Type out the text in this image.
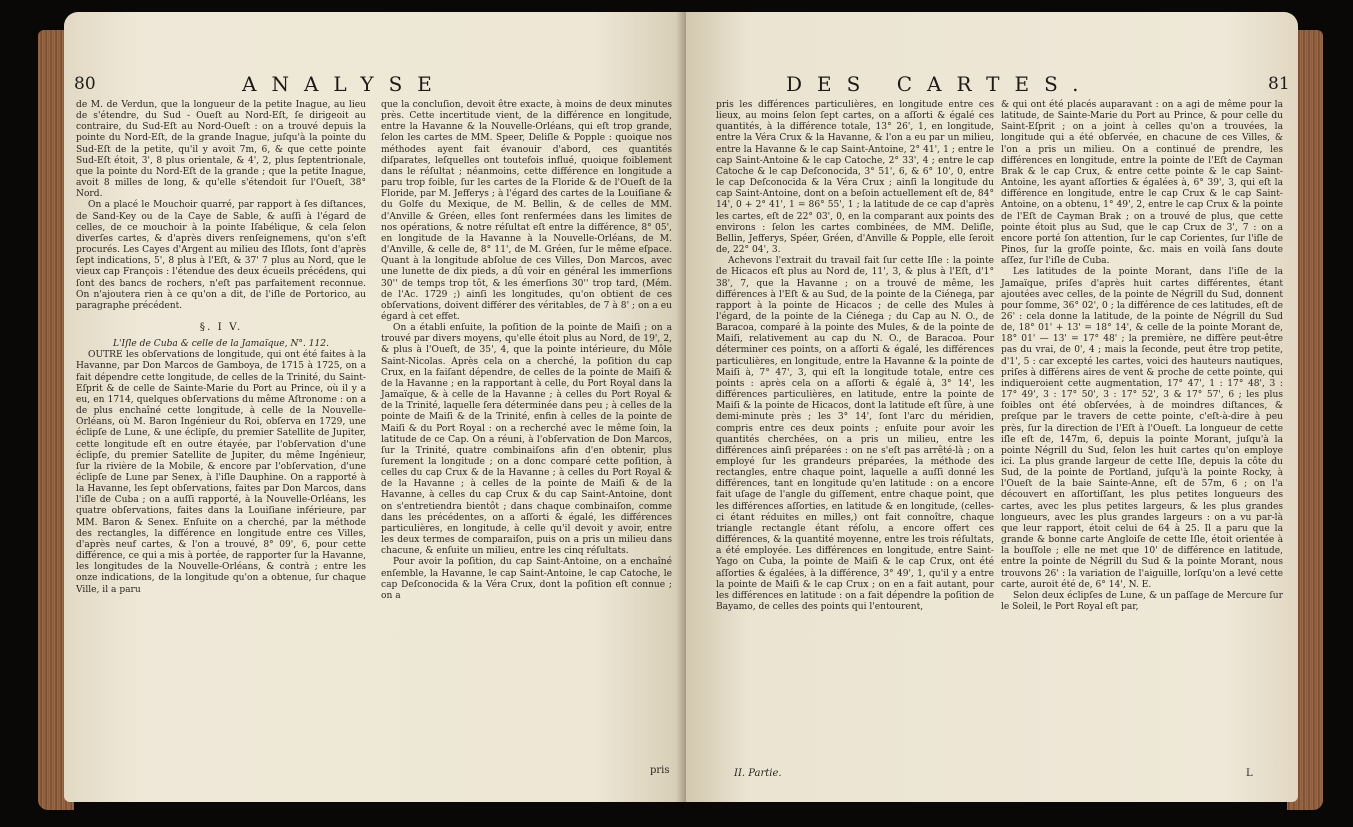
80	ANALYSE

de M. de Verdun, que la longueur de la petite Inague, au lieu de s'étendre, du Sud - Oueſt au Nord-Eſt, ſe dirigeoit au contraire, du Sud-Eſt au Nord-Oueſt : on a trouvé depuis la pointe du Nord-Eſt, de la grande Inague, juſqu'à la pointe du Sud-Eſt de la petite, qu'il y avoit 7m, 6, & que cette pointe Sud-Eſt étoit, 3', 8 plus orientale, & 4', 2, plus ſeptentrionale, que la pointe du Nord-Eſt de la grande ; que la petite Inague, avoit 8 milles de long, & qu'elle s'étendoit ſur l'Oueſt, 38° Nord.

On a placé le Mouchoir quarré, par rapport à ſes diſtances, de Sand-Key ou de la Caye de Sable, & auſſi à l'égard de celles, de ce mouchoir à la pointe Iſabélique, & cela ſelon diverſes cartes, & d'après divers renſeignemens, qu'on s'eſt procurés. Les Cayes d'Argent au milieu des Iſlots, ſont d'après ſept indications, 5', 8 plus à l'Eſt, & 37' 7 plus au Nord, que le vieux cap François : l'étendue des deux écueils précédens, qui ſont des bancs de rochers, n'eſt pas parfaitement reconnue. On n'ajoutera rien à ce qu'on a dit, de l'iſle de Portorico, au paragraphe précédent.

§. I V.

L'Iſle de Cuba & celle de la Jamaïque, N°. 112.

OUTRE les obſervations de longitude, qui ont été faites à la Havanne, par Don Marcos de Gamboya, de 1715 à 1725, on a fait dépendre cette longitude, de celles de la Trinité, du Saint-Eſprit & de celle de Sainte-Marie du Port au Prince, où il y a eu, en 1714, quelques obſervations du même Aſtronome : on a de plus enchaîné cette longitude, à celle de la Nouvelle-Orléans, où M. Baron Ingénieur du Roi, obſerva en 1729, une éclipſe de Lune, & une éclipſe, du premier Satellite de Jupiter, cette longitude eſt en outre étayée, par l'obſervation d'une éclipſe, du premier Satellite de Jupiter, du même Ingénieur, ſur la rivière de la Mobile, & encore par l'obſervation, d'une éclipſe de Lune par Senex, à l'iſle Dauphine. On a rapporté à la Havanne, les ſept obſervations, faites par Don Marcos, dans l'iſle de Cuba ; on a auſſi rapporté, à la Nouvelle-Orléans, les quatre obſervations, faites dans la Louiſiane inférieure, par MM. Baron & Senex. Enſuite on a cherché, par la méthode des rectangles, la différence en longitude entre ces Villes, d'après neuf cartes, & l'on a trouvé, 8° 09', 6, pour cette différence, ce qui a mis à portée, de rapporter ſur la Havanne, les longitudes de la Nouvelle-Orléans, & contrà ; entre les onze indications, de la longitude qu'on a obtenue, ſur chaque Ville, il a paru

que la concluſion, devoit être exacte, à moins de deux minutes près. Cette incertitude vient, de la différence en longitude, entre la Havanne & la Nouvelle-Orléans, qui eſt trop grande, ſelon les cartes de MM. Speer, Deliſle & Popple : quoique nos méthodes ayent fait évanouir d'abord, ces quantités diſparates, leſquelles ont toutefois influé, quoique foiblement dans le réſultat ; néanmoins, cette différence en longitude a paru trop foible, ſur les cartes de la Floride & de l'Oueſt de la Floride, par M. Jefferys ; à l'égard des cartes de la Louiſiane & du Golfe du Mexique, de M. Bellin, & de celles de MM. d'Anville & Gréen, elles ſont renfermées dans les limites de nos opérations, & notre réſultat eſt entre la différence, 8° 05', en longitude de la Havanne à la Nouvelle-Orléans, de M. d'Anville, & celle de, 8° 11', de M. Gréen, ſur le même eſpace. Quant à la longitude abſolue de ces Villes, Don Marcos, avec une lunette de dix pieds, a dû voir en général les immerſions 30'' de temps trop tôt, & les émerſions 30'' trop tard, (Mém. de l'Ac. 1729 ;) ainſi les longitudes, qu'on obtient de ces obſervations, doivent différer des véritables, de 7 à 8' ; on a eu égard à cet effet.

On a établi enſuite, la poſition de la pointe de Maiſi ; on a trouvé par divers moyens, qu'elle étoit plus au Nord, de 19', 2, & plus à l'Oueſt, de 35', 4, que la pointe intérieure, du Môle Saint-Nicolas. Après cela on a cherché, la poſition du cap Crux, en la faiſant dépendre, de celles de la pointe de Maiſi & de la Havanne ; en la rapportant à celle, du Port Royal dans la Jamaïque, & à celle de la Havanne ; à celles du Port Royal & de la Trinité, laquelle ſera déterminée dans peu ; à celles de la pointe de Maiſi & de la Trinité, enfin à celles de la pointe de Maiſi & du Port Royal : on a recherché avec le même ſoin, la latitude de ce Cap. On a réuni, à l'obſervation de Don Marcos, ſur la Trinité, quatre combinaiſons afin d'en obtenir, plus ſurement la longitude ; on a donc comparé cette poſition, à celles du cap Crux & de la Havanne ; à celles du Port Royal & de la Havanne ; à celles de la pointe de Maiſi & de la Havanne, à celles du cap Crux & du cap Saint-Antoine, dont on s'entretiendra bientôt ; dans chaque combinaiſon, comme dans les précédentes, on a aſſorti & égalé, les différences particulières, en longitude, à celle qu'il devoit y avoir, entre les deux termes de comparaiſon, puis on a pris un milieu dans chacune, & enſuite un milieu, entre les cinq réſultats.

Pour avoir la poſition, du cap Saint-Antoine, on a enchaîné enſemble, la Havanne, le cap Saint-Antoine, le cap Catoche, le cap Deſconocida & la Véra Crux, dont la poſition eſt connue ; on a

pris
DES CARTES.	81

pris les différences particulières, en longitude entre ces lieux, au moins ſelon ſept cartes, on a aſſorti & égalé ces quantités, à la différence totale, 13° 26', 1, en longitude, entre la Véra Crux & la Havanne, & l'on a eu par un milieu, entre la Havanne & le cap Saint-Antoine, 2° 41', 1 ; entre le cap Saint-Antoine & le cap Catoche, 2° 33', 4 ; entre le cap Catoche & le cap Deſconocida, 3° 51', 6, & 6° 10', 0, entre le cap Deſconocida & la Véra Crux ; ainſi la longitude du cap Saint-Antoine, dont on a beſoin actuellement eſt de, 84° 14', 0 + 2° 41', 1 = 86° 55', 1 ; la latitude de ce cap d'après les cartes, eſt de 22° 03', 0, en la comparant aux points des environs : ſelon les cartes combinées, de MM. Deliſle, Bellin, Jefferys, Spéer, Gréen, d'Anville & Popple, elle ſeroit de, 22° 04', 3.

Achevons l'extrait du travail fait ſur cette Iſle : la pointe de Hicacos eſt plus au Nord de, 11', 3, & plus à l'Eſt, d'1° 38', 7, que la Havanne ; on a trouvé de même, les différences à l'Eſt & au Sud, de la pointe de la Ciénega, par rapport à la pointe de Hicacos ; de celle des Mules à l'égard, de la pointe de la Ciénega ; du Cap au N. O., de Baracoa, comparé à la pointe des Mules, & de la pointe de Maiſi, relativement au cap du N. O., de Baracoa. Pour déterminer ces points, on a aſſorti & égalé, les différences particulières, en longitude, entre la Havanne & la pointe de Maiſi à, 7° 47', 3, qui eſt la longitude totale, entre ces points : après cela on a aſſorti & égalé à, 3° 14', les différences particulières, en latitude, entre la pointe de Maiſi & la pointe de Hicacos, dont la latitude eſt ſûre, à une demi-minute près ; les 3° 14', ſont l'arc du méridien, compris entre ces deux points ; enſuite pour avoir les quantités cherchées, on a pris un milieu, entre les différences ainſi préparées : on ne s'eſt pas arrêté-là ; on a employé ſur les grandeurs préparées, la méthode des rectangles, entre chaque point, laquelle a auſſi donné les différences, tant en longitude qu'en latitude : on a encore fait uſage de l'angle du giſſement, entre chaque point, que les différences aſſorties, en latitude & en longitude, (celles-ci étant réduites en milles,) ont fait connoître, chaque triangle rectangle étant réſolu, a encore offert ces différences, & la quantité moyenne, entre les trois réſultats, a été employée. Les différences en longitude, entre Saint-Yago on Cuba, la pointe de Maiſi & le cap Crux, ont été aſſorties & égalées, à la différence, 3° 49', 1, qu'il y a entre la pointe de Maiſi & le cap Crux ; on en a fait autant, pour les différences en latitude : on a fait dépendre la poſition de Bayamo, de celles des points qui l'entourent,

II. Partie.

& qui ont été placés auparavant : on a agi de même pour la latitude, de Sainte-Marie du Port au Prince, & pour celle du Saint-Eſprit ; on a joint à celles qu'on a trouvées, la longitude qui a été obſervée, en chacune de ces Villes, & l'on a pris un milieu. On a continué de prendre, les différences en longitude, entre la pointe de l'Eſt de Cayman Brak & le cap Crux, & entre cette pointe & le cap Saint-Antoine, les ayant aſſorties & égalées à, 6° 39', 3, qui eſt la différence en longitude, entre le cap Crux & le cap Saint-Antoine, on a obtenu, 1° 49', 2, entre le cap Crux & la pointe de l'Eſt de Cayman Brak ; on a trouvé de plus, que cette pointe étoit plus au Sud, que le cap Crux de 3', 7 : on a encore porté ſon attention, ſur le cap Corientes, ſur l'iſle de Pinos, ſur la groſſe pointe, &c. mais en voilà ſans doute aſſez, ſur l'iſle de Cuba.

Les latitudes de la pointe Morant, dans l'iſle de la Jamaïque, priſes d'après huit cartes différentes, étant ajoutées avec celles, de la pointe de Négrill du Sud, donnent pour ſomme, 36° 02', 0 ; la différence de ces latitudes, eſt de 26' : cela donne la latitude, de la pointe de Négrill du Sud de, 18° 01' + 13' = 18° 14', & celle de la pointe Morant de, 18° 01' — 13' = 17° 48' ; la première, ne diffère peut-être pas du vrai, de 0', 4 ; mais la ſeconde, peut être trop petite, d'1', 5 : car excepté les cartes, voici des hauteurs nautiques, priſes à différens aires de vent & proche de cette pointe, qui indiqueroient cette augmentation, 17° 47', 1 : 17° 48', 3 : 17° 49', 3 : 17° 50', 3 : 17° 52', 3 & 17° 57', 6 ; les plus foibles ont été obſervées, à de moindres diſtances, & preſque par le travers de cette pointe, c'eſt-à-dire à peu près, ſur la direction de l'Eſt à l'Oueſt. La longueur de cette iſle eſt de, 147m, 6, depuis la pointe Morant, juſqu'à la pointe Négrill du Sud, ſelon les huit cartes qu'on employe ici. La plus grande largeur de cette Iſle, depuis la côte du Sud, de la pointe de Portland, juſqu'à la pointe Rocky, à l'Oueſt de la baie Sainte-Anne, eſt de 57m, 6 ; on l'a découvert en aſſortiſſant, les plus petites longueurs des cartes, avec les plus petites largeurs, & les plus grandes longueurs, avec les plus grandes largeurs : on a vu par-là que leur rapport, étoit celui de 64 à 25. Il a paru que la grande & bonne carte Angloiſe de cette Iſle, étoit orientée à la bouſſole ; elle ne met que 10' de différence en latitude, entre la pointe de Négrill du Sud & la pointe Morant, nous trouvons 26' : la variation de l'aiguille, lorſqu'on a levé cette carte, auroit été de, 6° 14', N. E.

Selon deux éclipſes de Lune, & un paſſage de Mercure ſur le Soleil, le Port Royal eſt par,

L
